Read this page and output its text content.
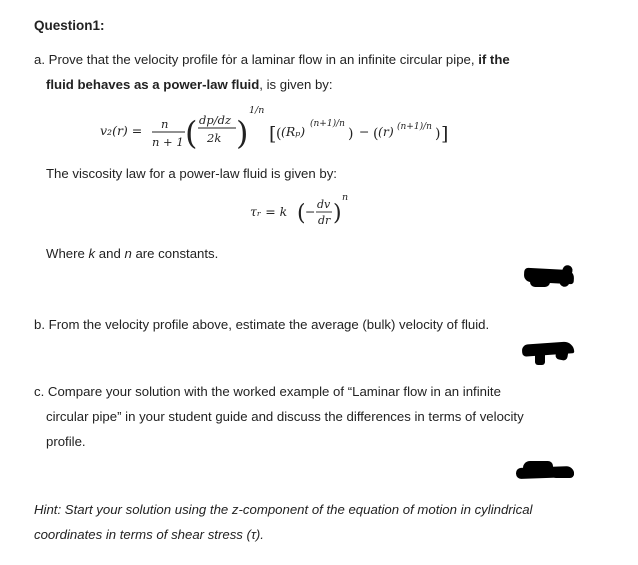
Question1:
a. Prove that the velocity profile fȯr a laminar flow in an infinite circular pipe, if the
fluid behaves as a power-law fluid, is given by:
v₂(r) = n
n + 1 ( dp/dz
2k )
1/n
[ ( (Rₚ) (n+1)/n
) − ( (r) (n+1)/n ) ]
The viscosity law for a power-law fluid is given by:
τᵣ = k ( − dv
dr )
n
Where k and n are constants.
b. From the velocity profile above, estimate the average (bulk) velocity of fluid.
c. Compare your solution with the worked example of “Laminar flow in an infinite
circular pipe” in your student guide and discuss the differences in terms of velocity
profile.
Hint: Start your solution using the z-component of the equation of motion in cylindrical
coordinates in terms of shear stress (τ).
